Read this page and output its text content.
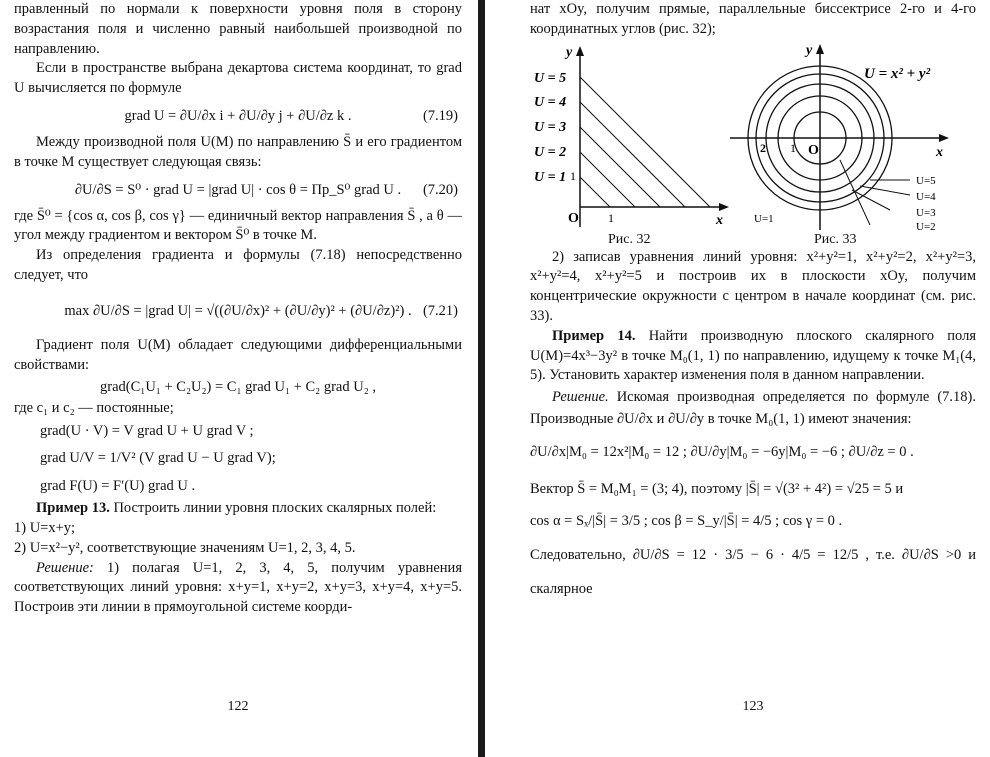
правленный по нормали к поверхности уровня поля в сторону возрастания поля и численно равный наибольшей производной по направлению.

Если в пространстве выбрана декартова система координат, то grad U вычисляется по формуле

grad U = ∂U/∂x i + ∂U/∂y j + ∂U/∂z k .	(7.19)

Между производной поля U(M) по направлению S̄ и его градиентом в точке M существует следующая связь:

∂U/∂S = S⁰ · grad U = |grad U| · cos θ = Пр_S⁰ grad U . (7.20)

где S̄⁰ = {cos α, cos β, cos γ} — единичный вектор направления S̄ , а θ — угол между градиентом и вектором S̄⁰ в точке M.

Из определения градиента и формулы (7.18) непосредственно следует, что

max ∂U/∂S = |grad U| = √((∂U/∂x)² + (∂U/∂y)² + (∂U/∂z)²) . (7.21)

Градиент поля U(M) обладает следующими дифференциальными свойствами:

grad(C₁U₁ + C₂U₂) = C₁ grad U₁ + C₂ grad U₂ ,

где c₁ и c₂ — постоянные;

grad(U · V) = V grad U + U grad V ;

grad U/V = 1/V² (V grad U − U grad V);

grad F(U) = F′(U) grad U .

Пример 13. Построить линии уровня плоских скалярных полей:

1) U=x+y;

2) U=x²−y², соответствующие значениям U=1, 2, 3, 4, 5.

Решение: 1) полагая U=1, 2, 3, 4, 5, получим уравнения соответствующих линий уровня: x+y=1, x+y=2, x+y=3, x+y=4, x+y=5. Построив эти линии в прямоугольной системе коорди-

122

нат xOy, получим прямые, параллельные биссектрисе 2-го и 4-го координатных углов (рис. 32);

U = 5
U = 4
U = 3
U = 2
U = 1
y
x
O 1
1
Рис. 32
U = x² + y²
y
x
O
2 1
U=5
U=4
U=3
U=2
U=1
Рис. 33

2) записав уравнения линий уровня: x²+y²=1, x²+y²=2, x²+y²=3, x²+y²=4, x²+y²=5 и построив их в плоскости xOy, получим концентрические окружности с центром в начале координат (см. рис. 33).

Пример 14. Найти производную плоского скалярного поля U(M)=4x³−3y² в точке M₀(1, 1) по направлению, идущему к точке M₁(4, 5). Установить характер изменения поля в данном направлении.

Решение. Искомая производная определяется по формуле (7.18). Производные ∂U/∂x и ∂U/∂y в точке M₀(1, 1) имеют значения:

∂U/∂x|M₀ = 12x²|M₀ = 12 ; ∂U/∂y|M₀ = −6y|M₀ = −6 ; ∂U/∂z = 0 .

Вектор S̄ = M₀M₁ = (3; 4), поэтому |S̄| = √(3² + 4²) = √25 = 5 и

cos α = Sₓ/|S̄| = 3/5 ; cos β = S_y/|S̄| = 4/5 ; cos γ = 0 .

Следовательно, ∂U/∂S = 12 · 3/5 − 6 · 4/5 = 12/5 , т.е. ∂U/∂S >0 и скалярное

123
